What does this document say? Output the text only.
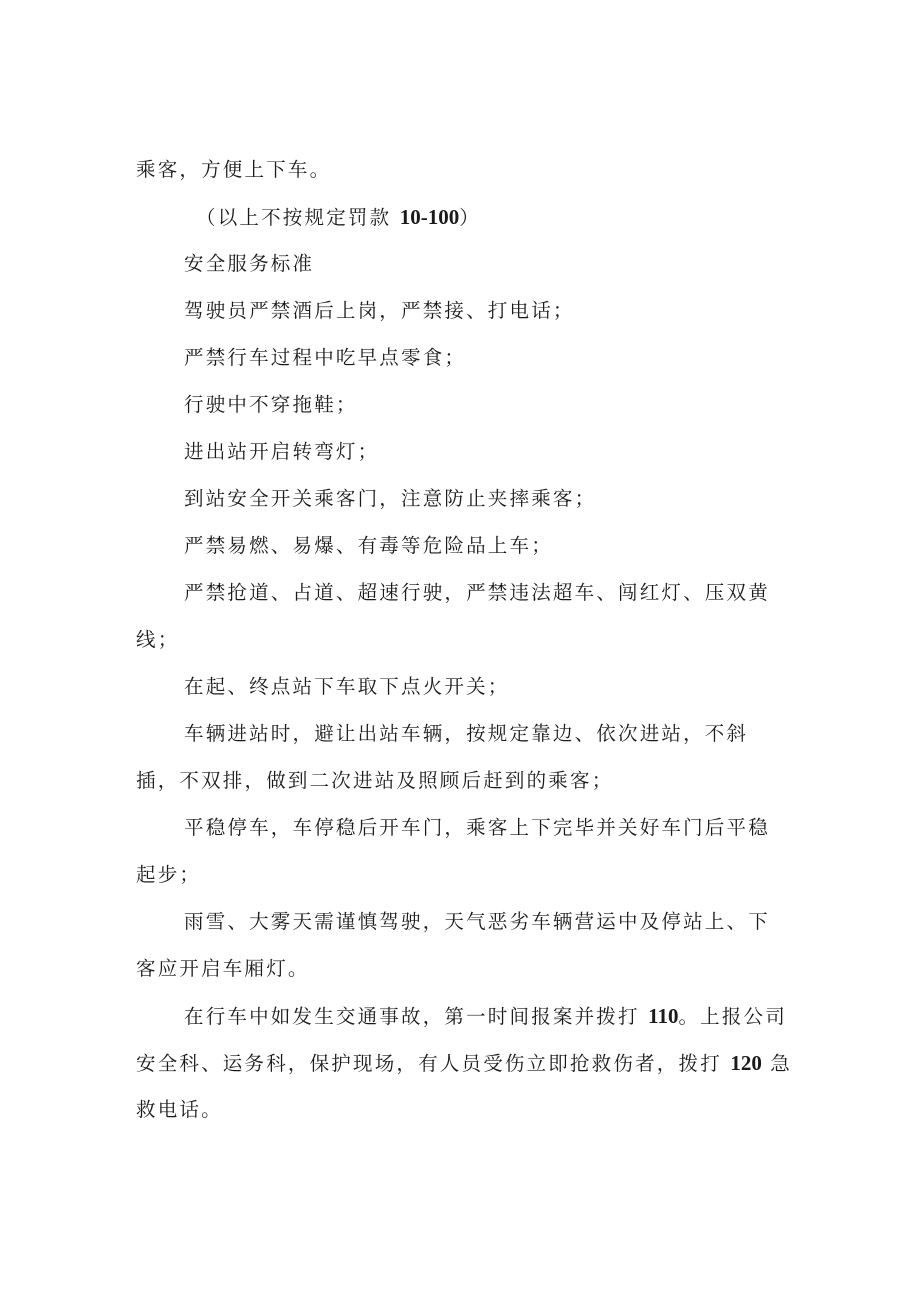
乘客，方便上下车。
（以上不按规定罚款 10-100）
安全服务标准
驾驶员严禁酒后上岗，严禁接、打电话；
严禁行车过程中吃早点零食；
行驶中不穿拖鞋；
进出站开启转弯灯；
到站安全开关乘客门，注意防止夹摔乘客；
严禁易燃、易爆、有毒等危险品上车；
严禁抢道、占道、超速行驶，严禁违法超车、闯红灯、压双黄
线；
在起、终点站下车取下点火开关；
车辆进站时，避让出站车辆，按规定靠边、依次进站，不斜
插，不双排，做到二次进站及照顾后赶到的乘客；
平稳停车，车停稳后开车门，乘客上下完毕并关好车门后平稳
起步；
雨雪、大雾天需谨慎驾驶，天气恶劣车辆营运中及停站上、下
客应开启车厢灯。
在行车中如发生交通事故，第一时间报案并拨打 110。上报公司
安全科、运务科，保护现场，有人员受伤立即抢救伤者，拨打 120 急
救电话。
